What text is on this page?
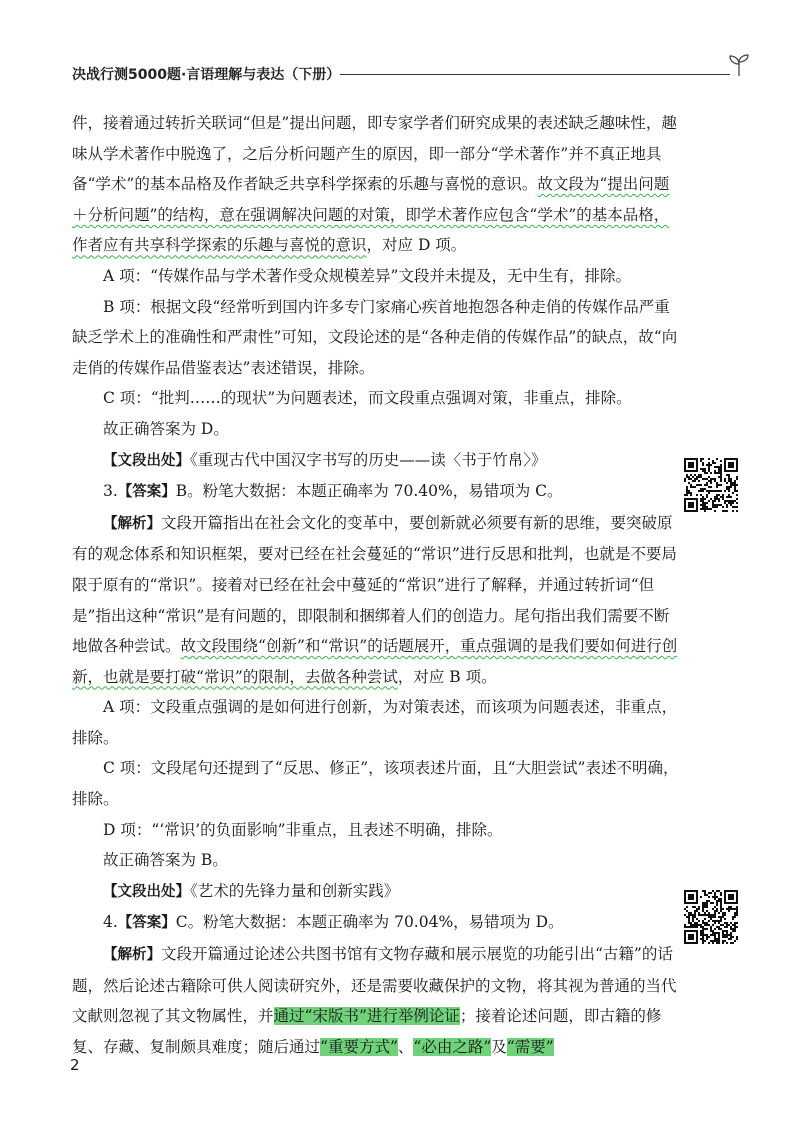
决战行测5000题·言语理解与表达（下册）

件，接着通过转折关联词“但是”提出问题，即专家学者们研究成果的表述缺乏趣味性，趣味从学术著作中脱逸了，之后分析问题产生的原因，即一部分“学术著作”并不真正地具备“学术”的基本品格及作者缺乏共享科学探索的乐趣与喜悦的意识。故文段为“提出问题＋分析问题”的结构，意在强调解决问题的对策，即学术著作应包含“学术”的基本品格，作者应有共享科学探索的乐趣与喜悦的意识，对应 D 项。

A 项：“传媒作品与学术著作受众规模差异”文段并未提及，无中生有，排除。

B 项：根据文段“经常听到国内许多专门家痛心疾首地抱怨各种走俏的传媒作品严重缺乏学术上的准确性和严肃性”可知，文段论述的是“各种走俏的传媒作品”的缺点，故“向走俏的传媒作品借鉴表达”表述错误，排除。

C 项：“批判……的现状”为问题表述，而文段重点强调对策，非重点，排除。

故正确答案为 D。

【文段出处】《重现古代中国汉字书写的历史——读〈书于竹帛〉》

3.【答案】B。粉笔大数据：本题正确率为 70.40%，易错项为 C。

【解析】文段开篇指出在社会文化的变革中，要创新就必须要有新的思维，要突破原有的观念体系和知识框架，要对已经在社会蔓延的“常识”进行反思和批判，也就是不要局限于原有的“常识”。接着对已经在社会中蔓延的“常识”进行了解释，并通过转折词“但是”指出这种“常识”是有问题的，即限制和捆绑着人们的创造力。尾句指出我们需要不断地做各种尝试。故文段围绕“创新”和“常识”的话题展开，重点强调的是我们要如何进行创新，也就是要打破“常识”的限制，去做各种尝试，对应 B 项。

A 项：文段重点强调的是如何进行创新，为对策表述，而该项为问题表述，非重点，排除。

C 项：文段尾句还提到了“反思、修正”，该项表述片面，且“大胆尝试”表述不明确，排除。

D 项：“‘常识’的负面影响”非重点，且表述不明确，排除。

故正确答案为 B。

【文段出处】《艺术的先锋力量和创新实践》

4.【答案】C。粉笔大数据：本题正确率为 70.04%，易错项为 D。

【解析】文段开篇通过论述公共图书馆有文物存藏和展示展览的功能引出“古籍”的话题，然后论述古籍除可供人阅读研究外，还是需要收藏保护的文物，将其视为普通的当代文献则忽视了其文物属性，并通过“宋版书”进行举例论证；接着论述问题，即古籍的修复、存藏、复制颇具难度；随后通过“重要方式”、“必由之路”及“需要”

2
